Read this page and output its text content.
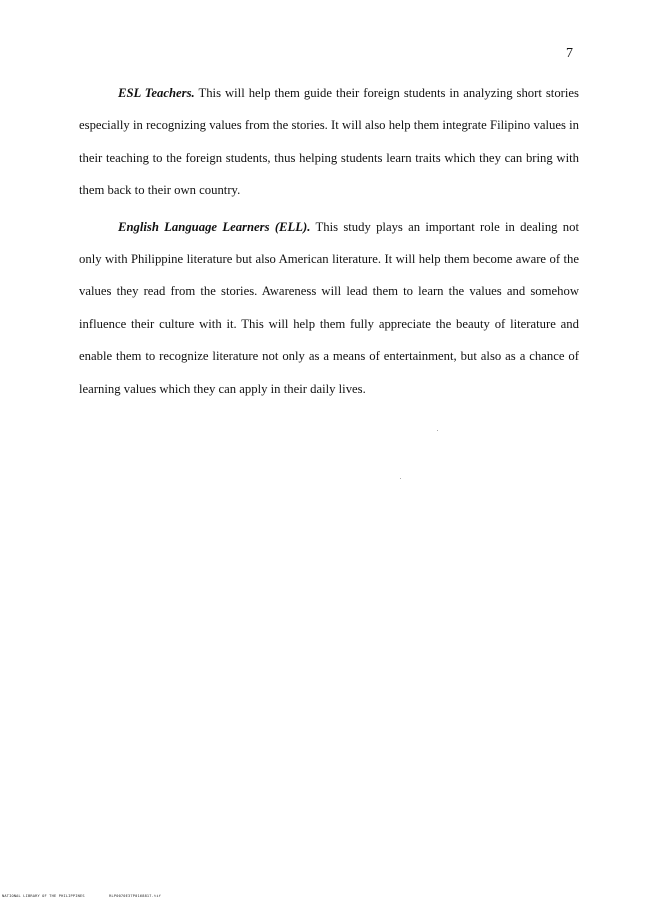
7

ESL Teachers. This will help them guide their foreign students in analyzing short stories especially in recognizing values from the stories. It will also help them integrate Filipino values in their teaching to the foreign students, thus helping students learn traits which they can bring with them back to their own country.

English Language Learners (ELL). This study plays an important role in dealing not only with Philippine literature but also American literature. It will help them become aware of the values they read from the stories. Awareness will lead them to learn the values and somehow influence their culture with it. This will help them fully appreciate the beauty of literature and enable them to recognize literature not only as a means of entertainment, but also as a chance of learning values which they can apply in their daily lives.

NATIONAL LIBRARY OF THE PHILIPPINES	RLP0070E37P0168817.tif
